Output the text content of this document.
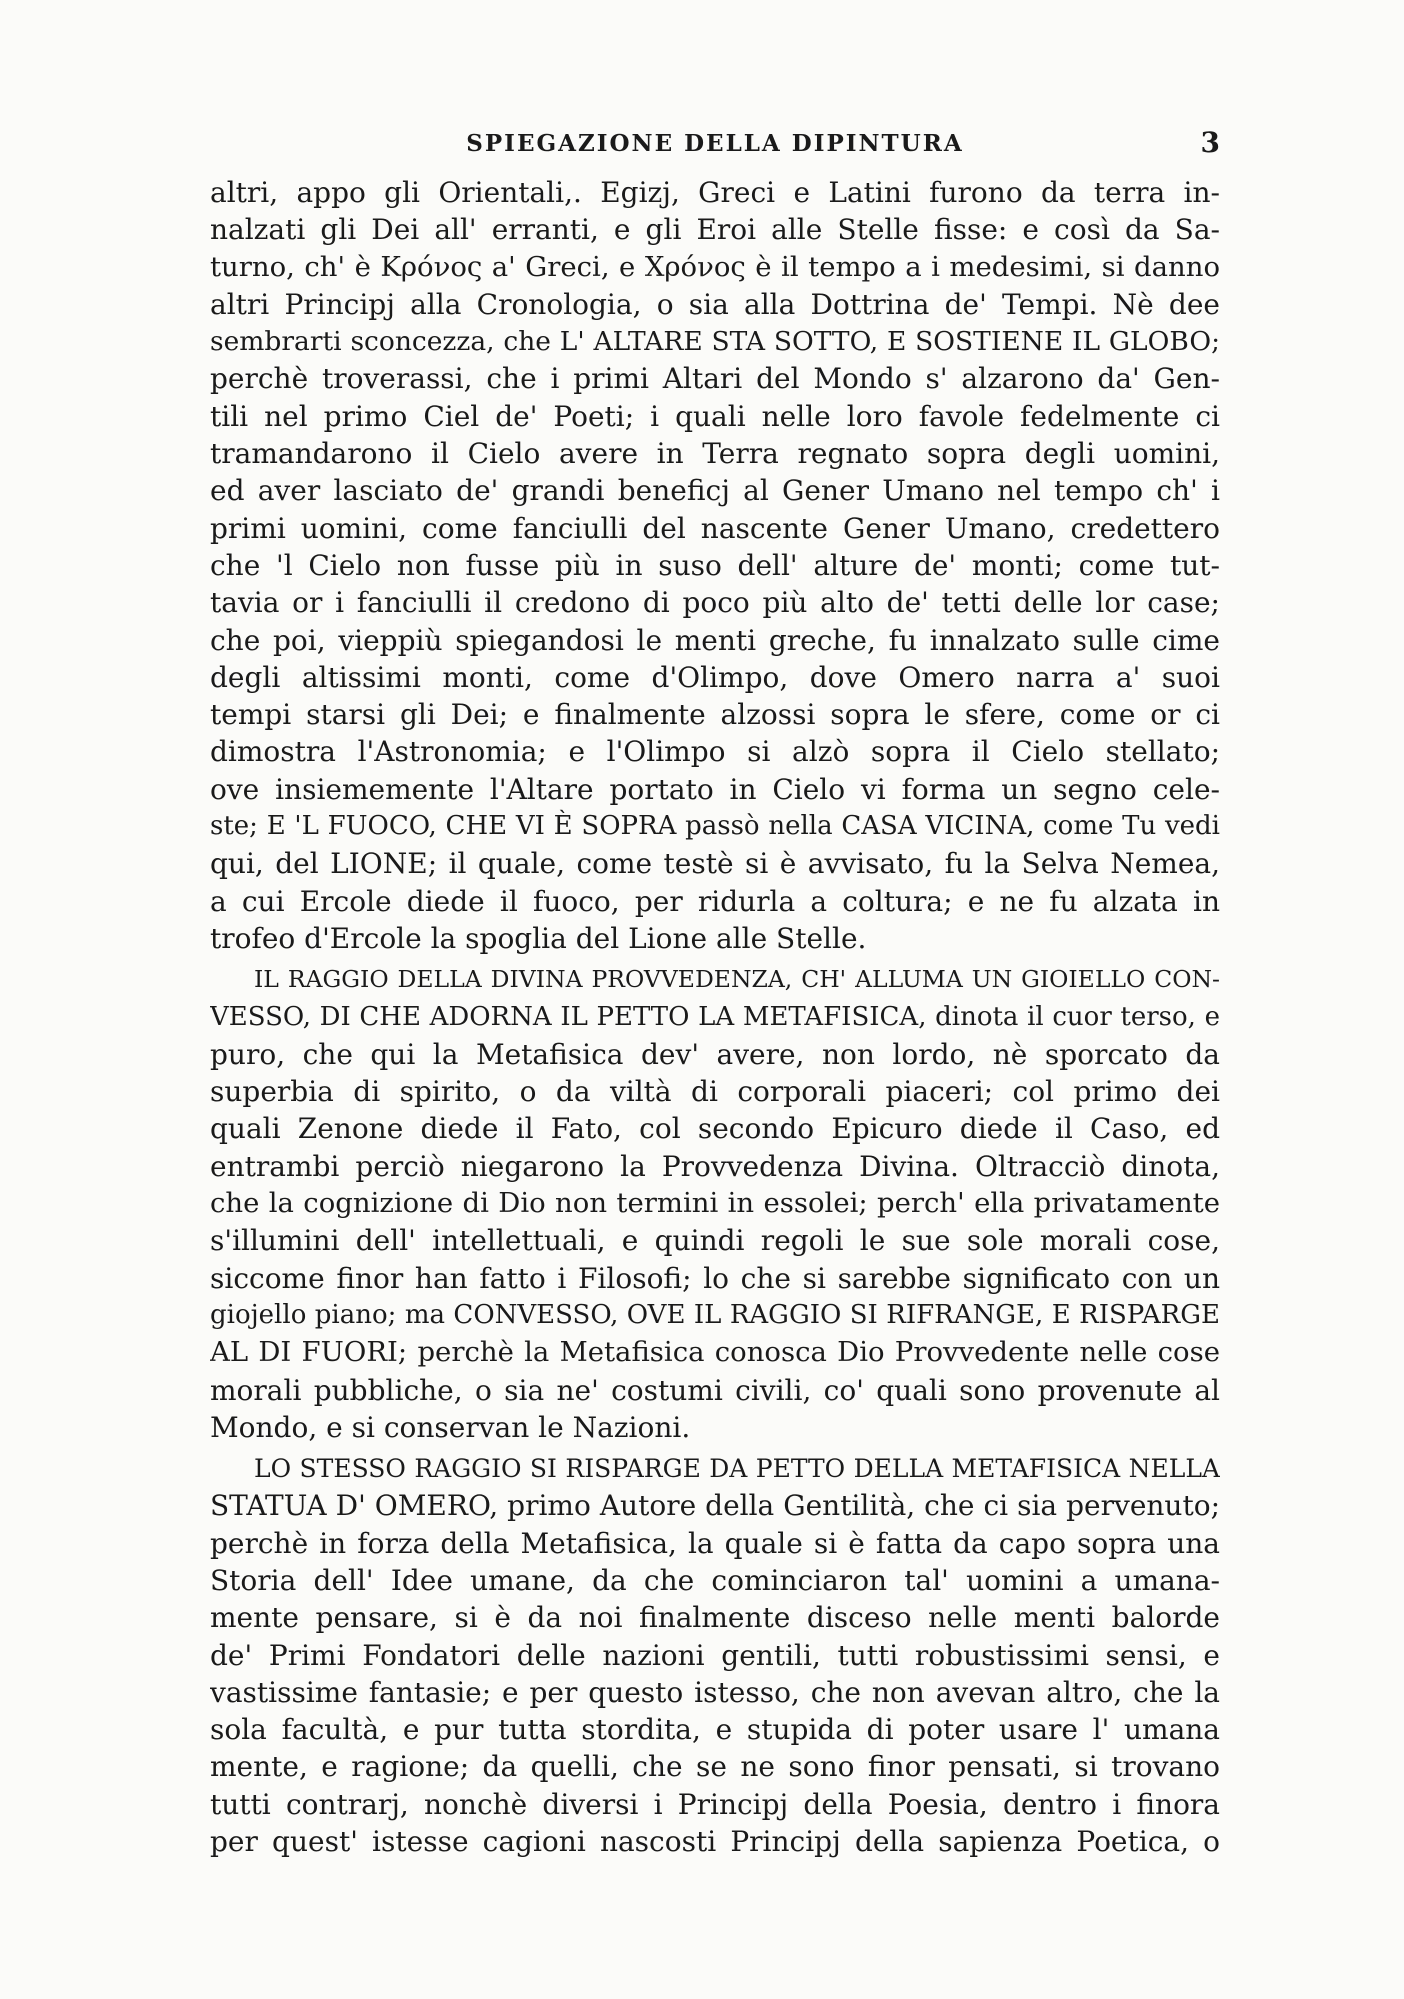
SPIEGAZIONE DELLA DIPINTURA	3
altri, appo gli Orientali,. Egizj, Greci e Latini furono da terra in-
nalzati gli Dei all' erranti, e gli Eroi alle Stelle fisse: e così da Sa-
turno, ch' è Κρόνος a' Greci, e Χρόνος è il tempo a i medesimi, si danno
altri Principj alla Cronologia, o sia alla Dottrina de' Tempi. Nè dee
sembrarti sconcezza, che L' ALTARE STA SOTTO, E SOSTIENE IL GLOBO;
perchè troverassi, che i primi Altari del Mondo s' alzarono da' Gen-
tili nel primo Ciel de' Poeti; i quali nelle loro favole fedelmente ci
tramandarono il Cielo avere in Terra regnato sopra degli uomini,
ed aver lasciato de' grandi beneficj al Gener Umano nel tempo ch' i
primi uomini, come fanciulli del nascente Gener Umano, credettero
che 'l Cielo non fusse più in suso dell' alture de' monti; come tut-
tavia or i fanciulli il credono di poco più alto de' tetti delle lor case;
che poi, vieppiù spiegandosi le menti greche, fu innalzato sulle cime
degli altissimi monti, come d'Olimpo, dove Omero narra a' suoi
tempi starsi gli Dei; e finalmente alzossi sopra le sfere, come or ci
dimostra l'Astronomia; e l'Olimpo si alzò sopra il Cielo stellato;
ove insiememente l'Altare portato in Cielo vi forma un segno cele-
ste; E 'L FUOCO, CHE VI È SOPRA passò nella CASA VICINA, come Tu vedi
qui, del LIONE; il quale, come testè si è avvisato, fu la Selva Nemea,
a cui Ercole diede il fuoco, per ridurla a coltura; e ne fu alzata in
trofeo d'Ercole la spoglia del Lione alle Stelle.
IL RAGGIO DELLA DIVINA PROVVEDENZA, CH' ALLUMA UN GIOIELLO CON-
VESSO, DI CHE ADORNA IL PETTO LA METAFISICA, dinota il cuor terso, e
puro, che qui la Metafisica dev' avere, non lordo, nè sporcato da
superbia di spirito, o da viltà di corporali piaceri; col primo dei
quali Zenone diede il Fato, col secondo Epicuro diede il Caso, ed
entrambi perciò niegarono la Provvedenza Divina. Oltracciò dinota,
che la cognizione di Dio non termini in essolei; perch' ella privatamente
s'illumini dell' intellettuali, e quindi regoli le sue sole morali cose,
siccome finor han fatto i Filosofi; lo che si sarebbe significato con un
giojello piano; ma CONVESSO, OVE IL RAGGIO SI RIFRANGE, E RISPARGE
AL DI FUORI; perchè la Metafisica conosca Dio Provvedente nelle cose
morali pubbliche, o sia ne' costumi civili, co' quali sono provenute al
Mondo, e si conservan le Nazioni.
LO STESSO RAGGIO SI RISPARGE DA PETTO DELLA METAFISICA NELLA
STATUA D' OMERO, primo Autore della Gentilità, che ci sia pervenuto;
perchè in forza della Metafisica, la quale si è fatta da capo sopra una
Storia dell' Idee umane, da che cominciaron tal' uomini a umana-
mente pensare, si è da noi finalmente disceso nelle menti balorde
de' Primi Fondatori delle nazioni gentili, tutti robustissimi sensi, e
vastissime fantasie; e per questo istesso, che non avevan altro, che la
sola facultà, e pur tutta stordita, e stupida di poter usare l' umana
mente, e ragione; da quelli, che se ne sono finor pensati, si trovano
tutti contrarj, nonchè diversi i Principj della Poesia, dentro i finora
per quest' istesse cagioni nascosti Principj della sapienza Poetica, o
